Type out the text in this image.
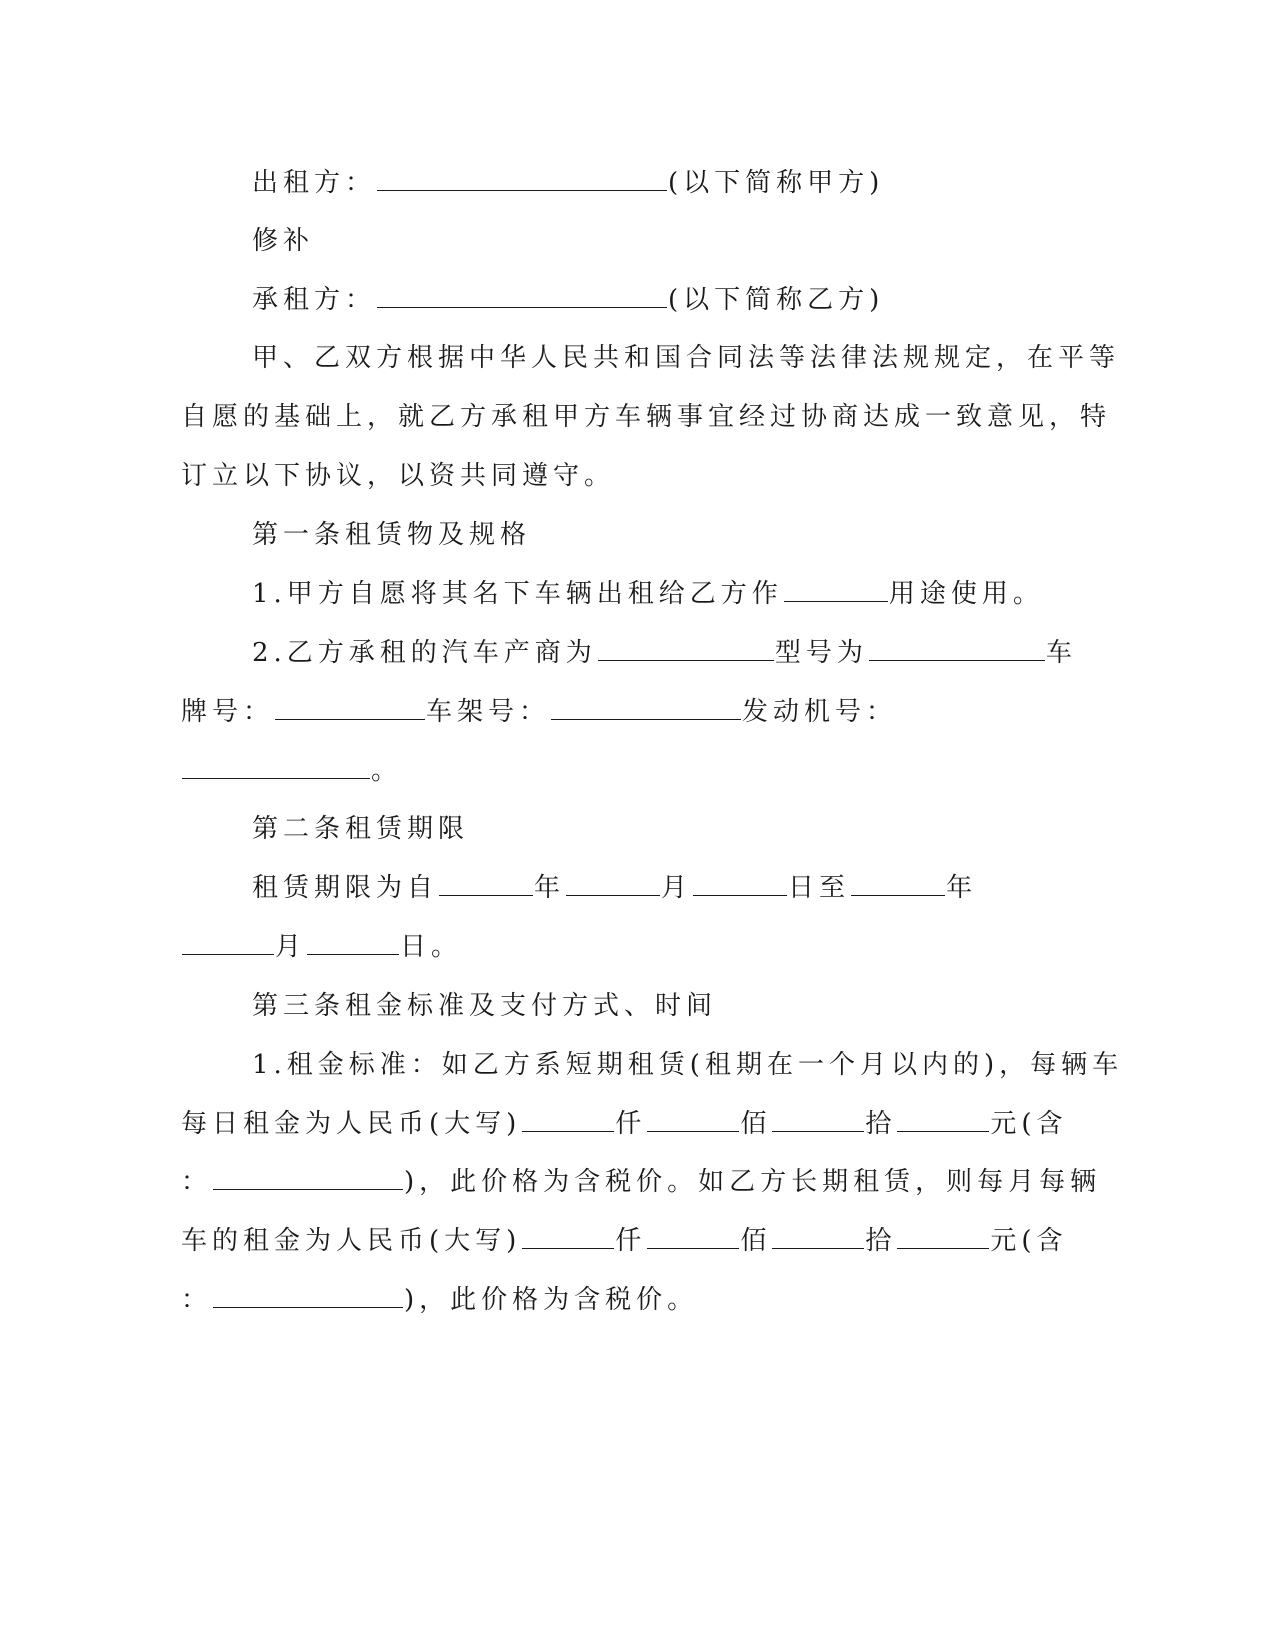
出租方：	(以下简称甲方)
修补
承租方：	(以下简称乙方)
甲、乙双方根据中华人民共和国合同法等法律法规规定，在平等
自愿的基础上，就乙方承租甲方车辆事宜经过协商达成一致意见，特
订立以下协议，以资共同遵守。
第一条租赁物及规格
1.甲方自愿将其名下车辆出租给乙方作	用途使用。
2.乙方承租的汽车产商为	型号为	车
牌号：	车架号：	发动机号：
。
第二条租赁期限
租赁期限为自	年	月	日至	年
月	日。
第三条租金标准及支付方式、时间
1.租金标准：如乙方系短期租赁(租期在一个月以内的)，每辆车
每日租金为人民币(大写)	仟	佰	拾	元(含
：	)，此价格为含税价。如乙方长期租赁，则每月每辆
车的租金为人民币(大写)	仟	佰	拾	元(含
：	)，此价格为含税价。
